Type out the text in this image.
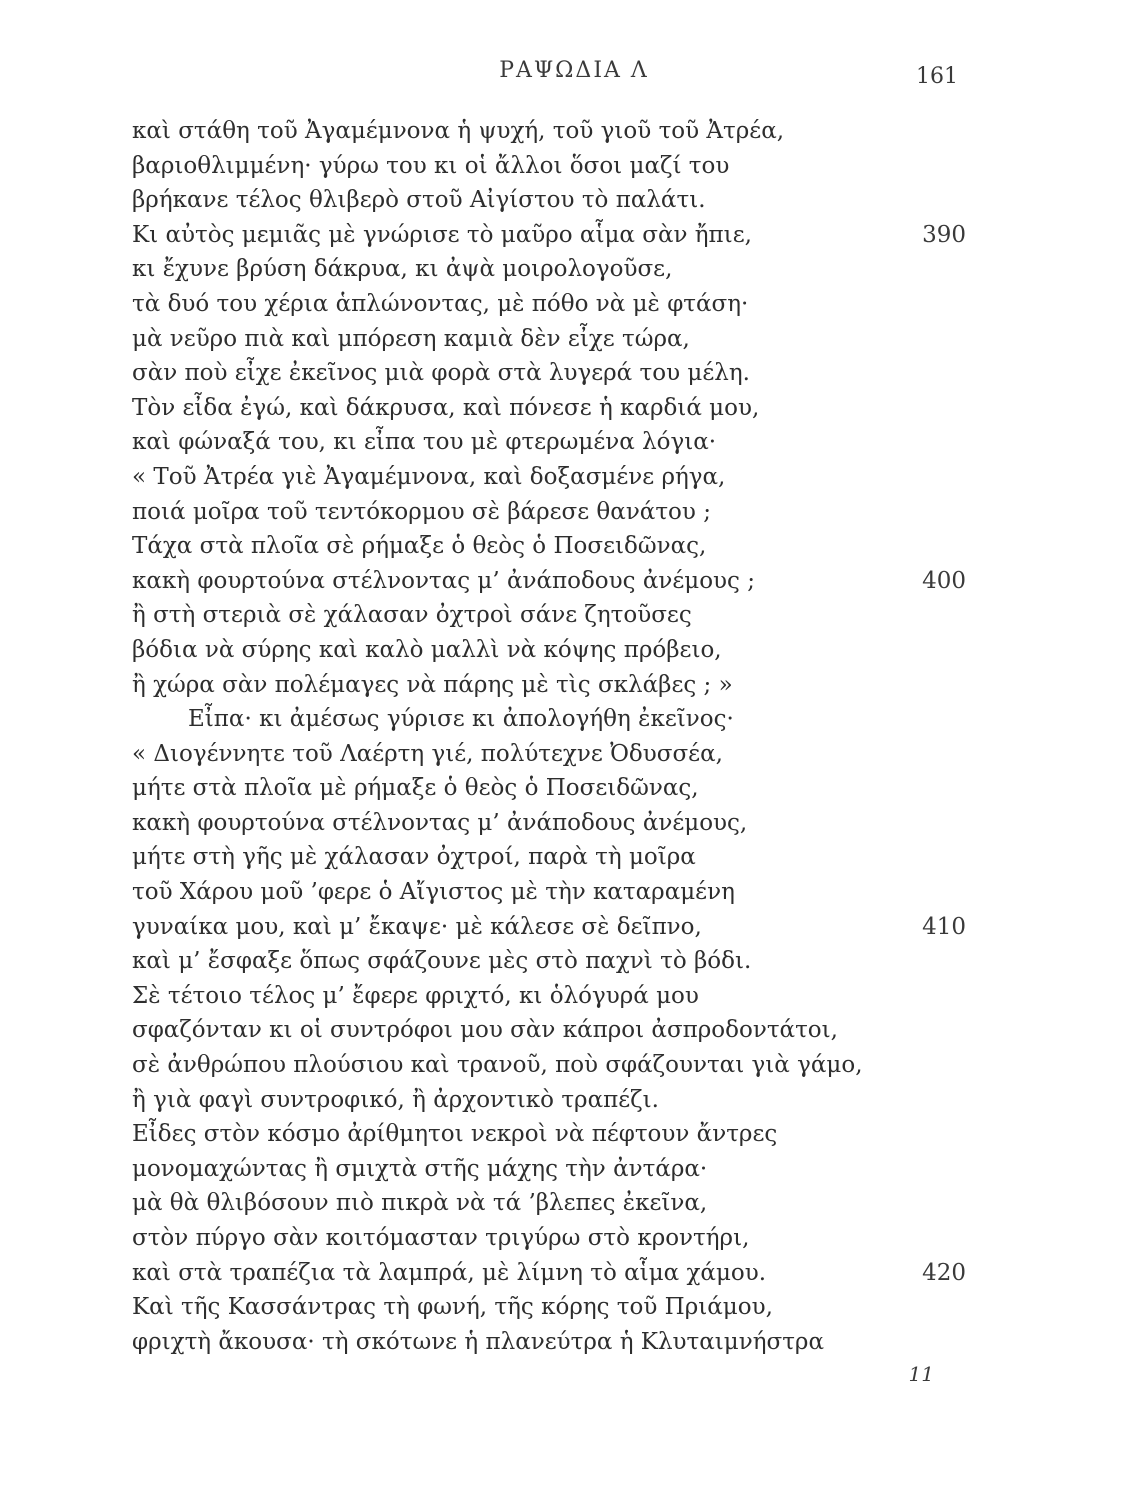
ΡΑΨΩΔΙΑ Λ	161
καὶ στάθη τοῦ Ἀγαμέμνονα ἡ ψυχή, τοῦ γιοῦ τοῦ Ἀτρέα,
βαριοθλιμμένη· γύρω του κι οἱ ἄλλοι ὅσοι μαζί του
βρήκανε τέλος θλιβερὸ στοῦ Αἰγίστου τὸ παλάτι.
Κι αὐτὸς μεμιᾶς μὲ γνώρισε τὸ μαῦρο αἷμα σὰν ἤπιε,	390
κι ἔχυνε βρύση δάκρυα, κι ἀψὰ μοιρολογοῦσε,
τὰ δυό του χέρια ἁπλώνοντας, μὲ πόθο νὰ μὲ φτάση·
μὰ νεῦρο πιὰ καὶ μπόρεση καμιὰ δὲν εἶχε τώρα,
σὰν ποὺ εἶχε ἐκεῖνος μιὰ φορὰ στὰ λυγερά του μέλη.
Τὸν εἶδα ἐγώ, καὶ δάκρυσα, καὶ πόνεσε ἡ καρδιά μου,
καὶ φώναξά του, κι εἶπα του μὲ φτερωμένα λόγια·
« Τοῦ Ἀτρέα γιὲ Ἀγαμέμνονα, καὶ δοξασμένε ρήγα,
ποιά μοῖρα τοῦ τεντόκορμου σὲ βάρεσε θανάτου ;
Τάχα στὰ πλοῖα σὲ ρήμαξε ὁ θεὸς ὁ Ποσειδῶνας,
κακὴ φουρτούνα στέλνοντας μ’ ἀνάποδους ἀνέμους ;	400
ἢ στὴ στεριὰ σὲ χάλασαν ὀχτροὶ σάνε ζητοῦσες
βόδια νὰ σύρης καὶ καλὸ μαλλὶ νὰ κόψης πρόβειο,
ἢ χώρα σὰν πολέμαγες νὰ πάρης μὲ τὶς σκλάβες ; »
Εἶπα· κι ἀμέσως γύρισε κι ἀπολογήθη ἐκεῖνος·
« Διογέννητε τοῦ Λαέρτη γιέ, πολύτεχνε Ὀδυσσέα,
μήτε στὰ πλοῖα μὲ ρήμαξε ὁ θεὸς ὁ Ποσειδῶνας,
κακὴ φουρτούνα στέλνοντας μ’ ἀνάποδους ἀνέμους,
μήτε στὴ γῆς μὲ χάλασαν ὀχτροί, παρὰ τὴ μοῖρα
τοῦ Χάρου μοῦ ’φερε ὁ Αἴγιστος μὲ τὴν καταραμένη
γυναίκα μου, καὶ μ’ ἔκαψε· μὲ κάλεσε σὲ δεῖπνο,	410
καὶ μ’ ἔσφαξε ὅπως σφάζουνε μὲς στὸ παχνὶ τὸ βόδι.
Σὲ τέτοιο τέλος μ’ ἔφερε φριχτό, κι ὁλόγυρά μου
σφαζόνταν κι οἱ συντρόφοι μου σὰν κάπροι ἀσπροδοντάτοι,
σὲ ἀνθρώπου πλούσιου καὶ τρανοῦ, ποὺ σφάζουνται γιὰ γάμο,
ἢ γιὰ φαγὶ συντροφικό, ἢ ἀρχοντικὸ τραπέζι.
Εἶδες στὸν κόσμο ἀρίθμητοι νεκροὶ νὰ πέφτουν ἄντρες
μονομαχώντας ἢ σμιχτὰ στῆς μάχης τὴν ἀντάρα·
μὰ θὰ θλιβόσουν πιὸ πικρὰ νὰ τά ’βλεπες ἐκεῖνα,
στὸν πύργο σὰν κοιτόμασταν τριγύρω στὸ κροντήρι,
καὶ στὰ τραπέζια τὰ λαμπρά, μὲ λίμνη τὸ αἷμα χάμου.	420
Καὶ τῆς Κασσάντρας τὴ φωνή, τῆς κόρης τοῦ Πριάμου,
φριχτὴ ἄκουσα· τὴ σκότωνε ἡ πλανεύτρα ἡ Κλυταιμνήστρα
11
